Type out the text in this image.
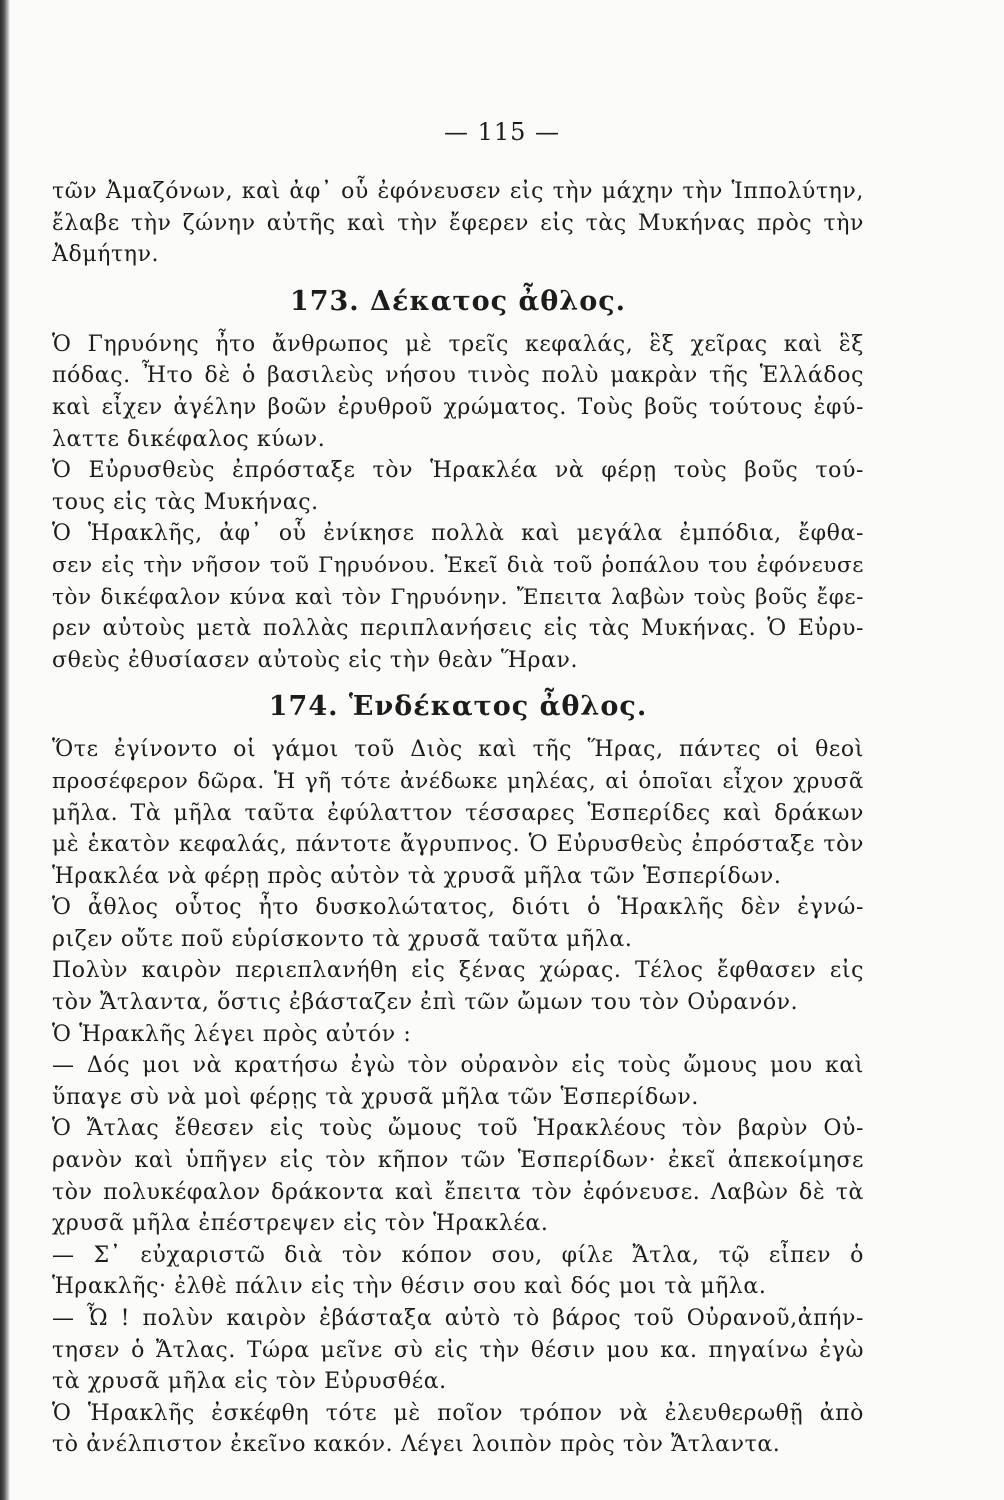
— 115 —
τῶν Ἀμαζόνων, καὶ ἀφ᾽ οὗ ἐφόνευσεν εἰς τὴν μάχην τὴν Ἱππολύτην,
ἔλαβε τὴν ζώνην αὐτῆς καὶ τὴν ἔφερεν εἰς τὰς Μυκήνας πρὸς τὴν
Ἀδμήτην.
173. Δέκατος ἆθλος.
Ὁ Γηρυόνης ἦτο ἄνθρωπος μὲ τρεῖς κεφαλάς, ἓξ χεῖρας καὶ ἓξ
πόδας. Ἦτο δὲ ὁ βασιλεὺς νήσου τινὸς πολὺ μακρὰν τῆς Ἑλλάδος
καὶ εἶχεν ἀγέλην βοῶν ἐρυθροῦ χρώματος. Τοὺς βοῦς τούτους ἐφύ-
λαττε δικέφαλος κύων.
Ὁ Εὐρυσθεὺς ἐπρόσταξε τὸν Ἡρακλέα νὰ φέρῃ τοὺς βοῦς τού-
τους εἰς τὰς Μυκήνας.
Ὁ Ἡρακλῆς, ἀφ᾽ οὗ ἐνίκησε πολλὰ καὶ μεγάλα ἐμπόδια, ἔφθα-
σεν εἰς τὴν νῆσον τοῦ Γηρυόνου. Ἐκεῖ διὰ τοῦ ῥοπάλου του ἐφόνευσε
τὸν δικέφαλον κύνα καὶ τὸν Γηρυόνην. Ἔπειτα λαβὼν τοὺς βοῦς ἔφε-
ρεν αὐτοὺς μετὰ πολλὰς περιπλανήσεις εἰς τὰς Μυκήνας. Ὁ Εὐρυ-
σθεὺς ἐθυσίασεν αὐτοὺς εἰς τὴν θεὰν Ἥραν.
174. Ἑνδέκατος ἆθλος.
Ὅτε ἐγίνοντο οἱ γάμοι τοῦ Διὸς καὶ τῆς Ἥρας, πάντες οἱ θεοὶ
προσέφερον δῶρα. Ἡ γῆ τότε ἀνέδωκε μηλέας, αἱ ὁποῖαι εἶχον χρυσᾶ
μῆλα. Τὰ μῆλα ταῦτα ἐφύλαττον τέσσαρες Ἑσπερίδες καὶ δράκων
μὲ ἑκατὸν κεφαλάς, πάντοτε ἄγρυπνος. Ὁ Εὐρυσθεὺς ἐπρόσταξε τὸν
Ἡρακλέα νὰ φέρῃ πρὸς αὐτὸν τὰ χρυσᾶ μῆλα τῶν Ἑσπερίδων.
Ὁ ἆθλος οὗτος ἦτο δυσκολώτατος, διότι ὁ Ἡρακλῆς δὲν ἐγνώ-
ριζεν οὔτε ποῦ εὑρίσκοντο τὰ χρυσᾶ ταῦτα μῆλα.
Πολὺν καιρὸν περιεπλανήθη εἰς ξένας χώρας. Τέλος ἔφθασεν εἰς
τὸν Ἄτλαντα, ὅστις ἐβάσταζεν ἐπὶ τῶν ὤμων του τὸν Οὐρανόν.
Ὁ Ἡρακλῆς λέγει πρὸς αὐτόν :
— Δός μοι νὰ κρατήσω ἐγὼ τὸν οὐρανὸν εἰς τοὺς ὤμους μου καὶ
ὕπαγε σὺ νὰ μοὶ φέρῃς τὰ χρυσᾶ μῆλα τῶν Ἑσπερίδων.
Ὁ Ἄτλας ἔθεσεν εἰς τοὺς ὤμους τοῦ Ἡρακλέους τὸν βαρὺν Οὐ-
ρανὸν καὶ ὑπῆγεν εἰς τὸν κῆπον τῶν Ἑσπερίδων· ἐκεῖ ἀπεκοίμησε
τὸν πολυκέφαλον δράκοντα καὶ ἔπειτα τὸν ἐφόνευσε. Λαβὼν δὲ τὰ
χρυσᾶ μῆλα ἐπέστρεψεν εἰς τὸν Ἡρακλέα.
— Σ᾽ εὐχαριστῶ διὰ τὸν κόπον σου, φίλε Ἄτλα, τῷ εἶπεν ὁ
Ἡρακλῆς· ἐλθὲ πάλιν εἰς τὴν θέσιν σου καὶ δός μοι τὰ μῆλα.
— Ὦ ! πολὺν καιρὸν ἐβάσταξα αὐτὸ τὸ βάρος τοῦ Οὐρανοῦ,ἀπήν-
τησεν ὁ Ἄτλας. Τώρα μεῖνε σὺ εἰς τὴν θέσιν μου κα. πηγαίνω ἐγὼ
τὰ χρυσᾶ μῆλα εἰς τὸν Εὐρυσθέα.
Ὁ Ἡρακλῆς ἐσκέφθη τότε μὲ ποῖον τρόπον νὰ ἐλευθερωθῇ ἀπὸ
τὸ ἀνέλπιστον ἐκεῖνο κακόν. Λέγει λοιπὸν πρὸς τὸν Ἄτλαντα.
